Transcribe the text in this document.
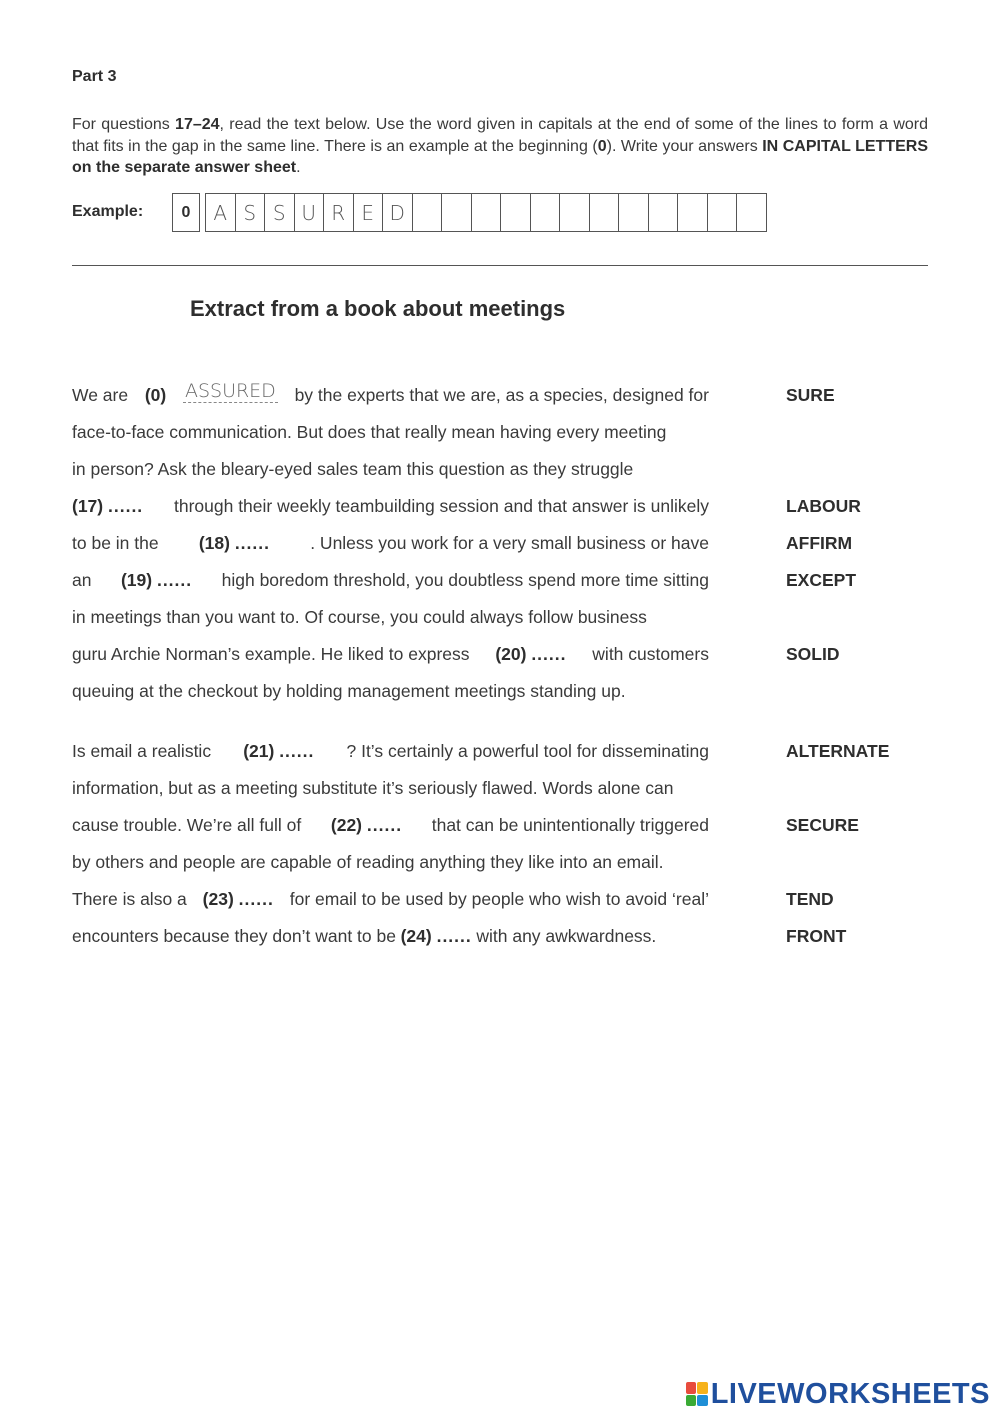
Part 3
For questions 17–24, read the text below. Use the word given in capitals at the end of some of the lines to form a word that fits in the gap in the same line. There is an example at the beginning (0). Write your answers IN CAPITAL LETTERS on the separate answer sheet.
Example:	0	A S S U R E D
Extract from a book about meetings
We are (0) ASSURED by the experts that we are, as a species, designed for	SURE
face-to-face communication. But does that really mean having every meeting
in person? Ask the bleary-eyed sales team this question as they struggle
(17) ...... through their weekly teambuilding session and that answer is unlikely	LABOUR
to be in the (18) ...... . Unless you work for a very small business or have	AFFIRM
an (19) ...... high boredom threshold, you doubtless spend more time sitting	EXCEPT
in meetings than you want to. Of course, you could always follow business
guru Archie Norman’s example. He liked to express (20) ...... with customers	SOLID
queuing at the checkout by holding management meetings standing up.
Is email a realistic (21) ...... ? It’s certainly a powerful tool for disseminating	ALTERNATE
information, but as a meeting substitute it’s seriously flawed. Words alone can
cause trouble. We’re all full of (22) ...... that can be unintentionally triggered	SECURE
by others and people are capable of reading anything they like into an email.
There is also a (23) ...... for email to be used by people who wish to avoid ‘real’	TEND
encounters because they don’t want to be (24) ...... with any awkwardness.	FRONT
LIVEWORKSHEETS
